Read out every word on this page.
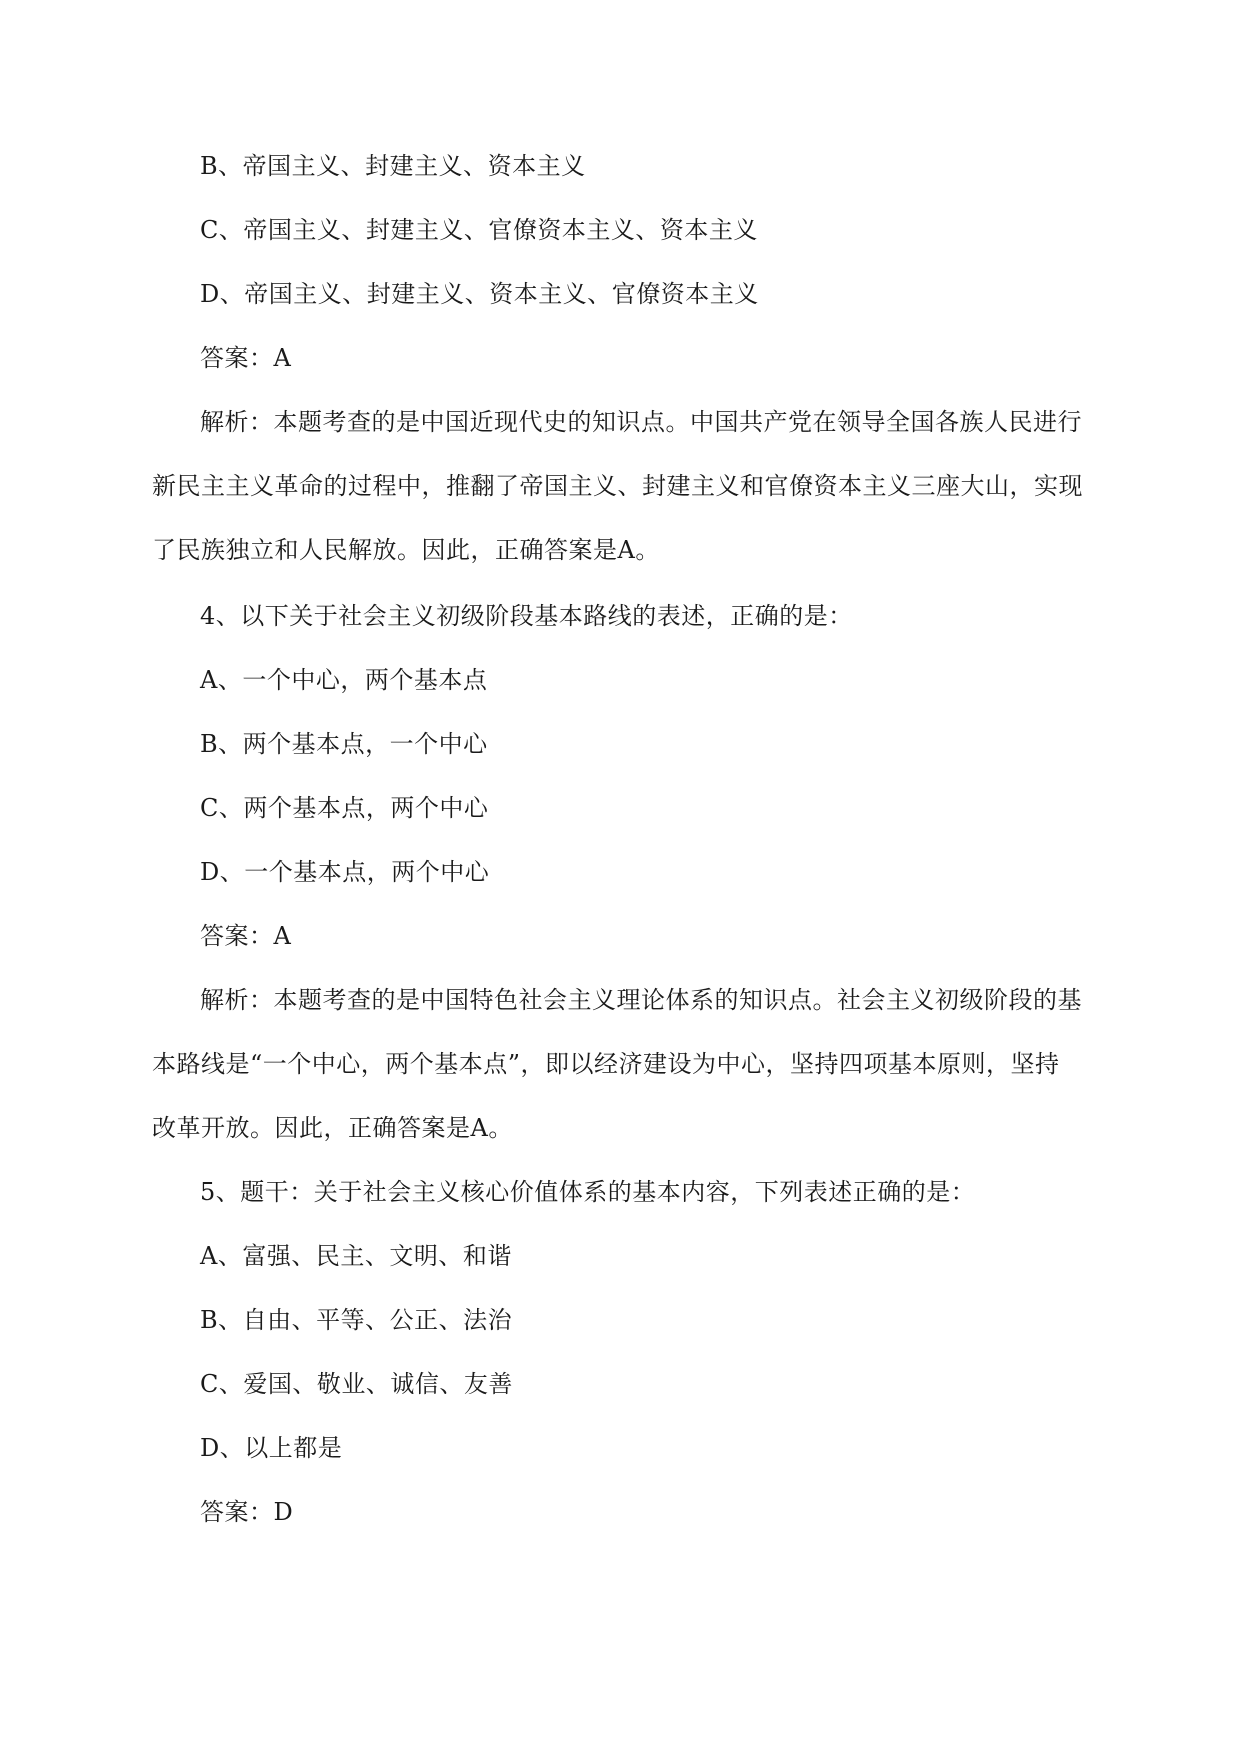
B、帝国主义、封建主义、资本主义
C、帝国主义、封建主义、官僚资本主义、资本主义
D、帝国主义、封建主义、资本主义、官僚资本主义
答案：A
解析：本题考查的是中国近现代史的知识点。中国共产党在领导全国各族人民进行
新民主主义革命的过程中，推翻了帝国主义、封建主义和官僚资本主义三座大山，实现
了民族独立和人民解放。因此，正确答案是A。
4、以下关于社会主义初级阶段基本路线的表述，正确的是：
A、一个中心，两个基本点
B、两个基本点，一个中心
C、两个基本点，两个中心
D、一个基本点，两个中心
答案：A
解析：本题考查的是中国特色社会主义理论体系的知识点。社会主义初级阶段的基
本路线是“一个中心，两个基本点”，即以经济建设为中心，坚持四项基本原则，坚持
改革开放。因此，正确答案是A。
5、题干：关于社会主义核心价值体系的基本内容，下列表述正确的是：
A、富强、民主、文明、和谐
B、自由、平等、公正、法治
C、爱国、敬业、诚信、友善
D、以上都是
答案：D
